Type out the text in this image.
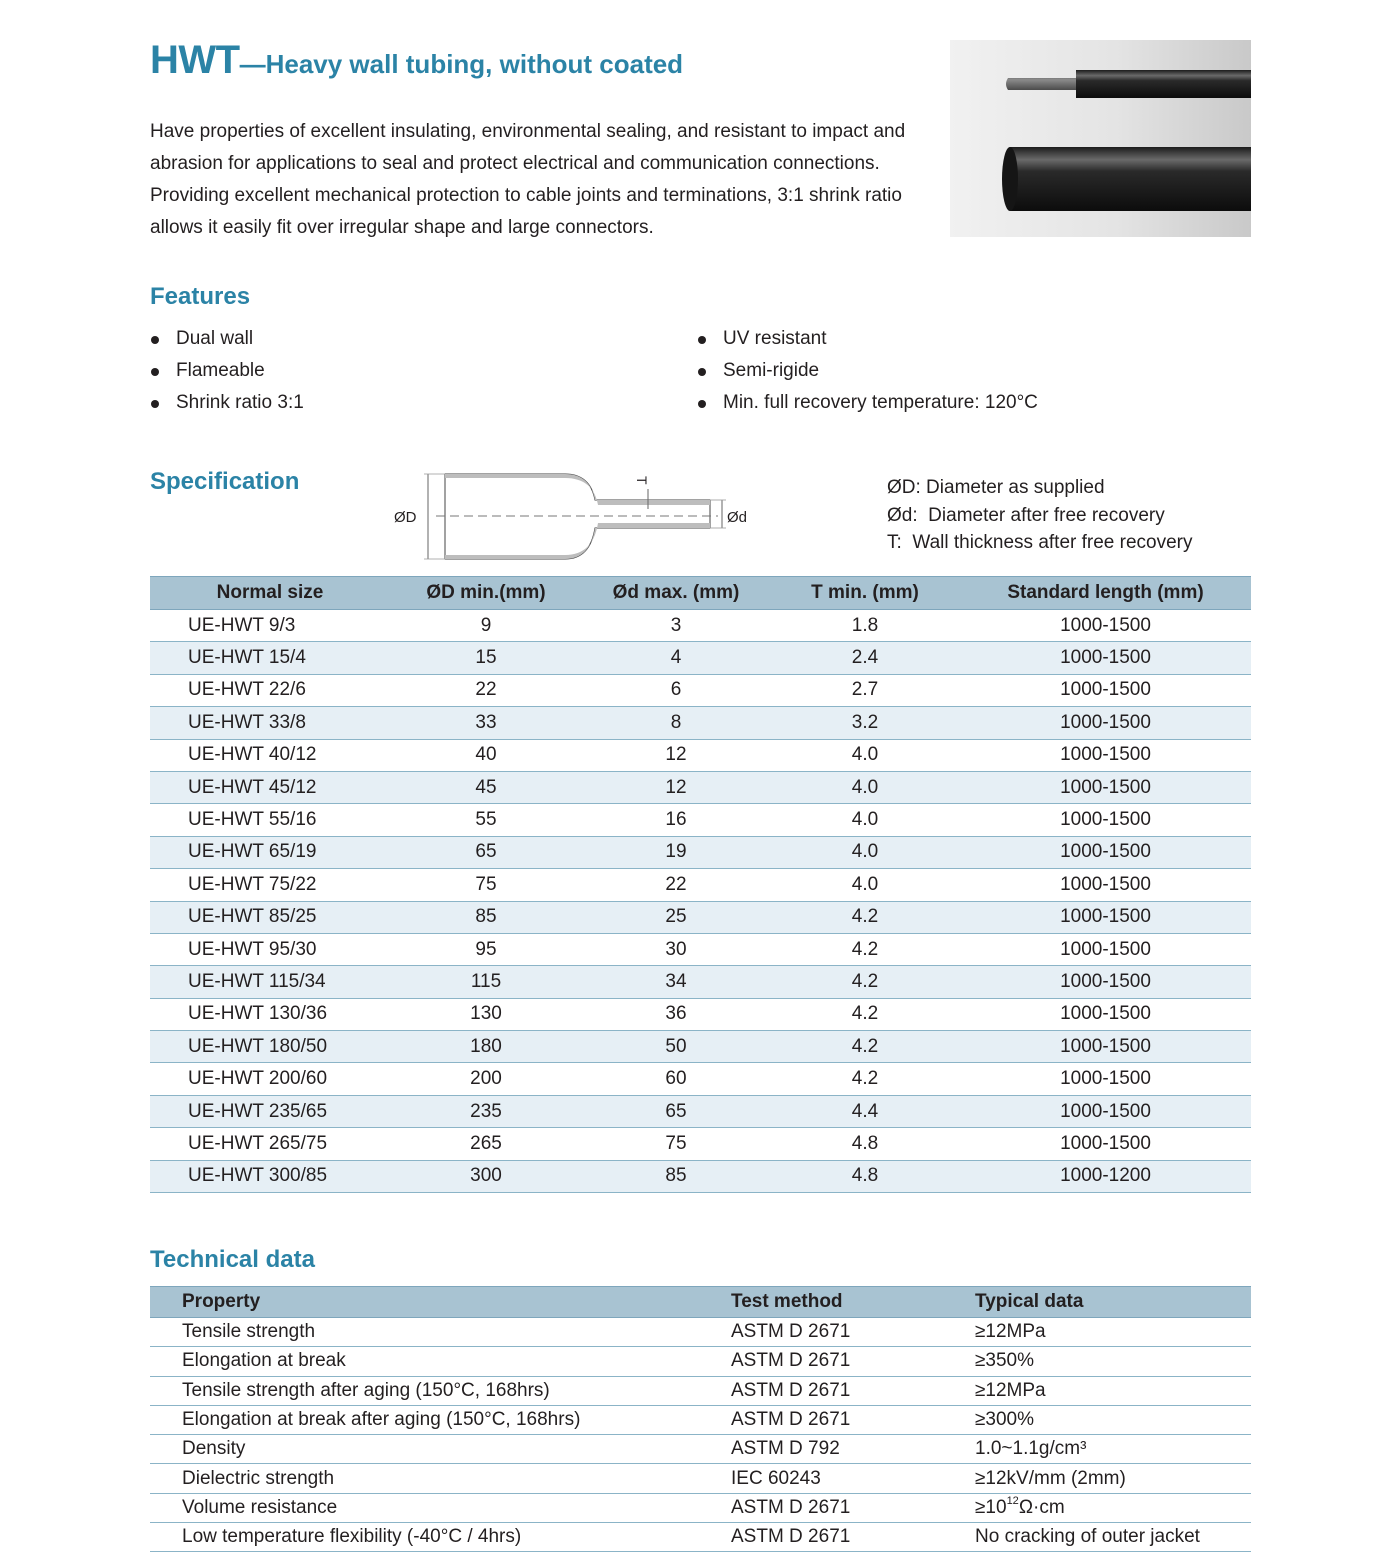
HWT—Heavy wall tubing, without coated
Have properties of excellent insulating, environmental sealing, and resistant to impact and abrasion for applications to seal and protect electrical and communication connections. Providing excellent mechanical protection to cable joints and terminations, 3:1 shrink ratio allows it easily fit over irregular shape and large connectors.
Features
Dual wall
Flameable
Shrink ratio 3:1
UV resistant
Semi-rigide
Min. full recovery temperature: 120°C
Specification
ØD	Ød
T	ØD: Diameter as supplied
Ød:  Diameter after free recovery
T:  Wall thickness after free recovery
Normal size	ØD min.(mm)	Ød max. (mm)	T min. (mm)	Standard length (mm)
UE-HWT 9/3	9	3	1.8	1000-1500
UE-HWT 15/4	15	4	2.4	1000-1500
UE-HWT 22/6	22	6	2.7	1000-1500
UE-HWT 33/8	33	8	3.2	1000-1500
UE-HWT 40/12	40	12	4.0	1000-1500
UE-HWT 45/12	45	12	4.0	1000-1500
UE-HWT 55/16	55	16	4.0	1000-1500
UE-HWT 65/19	65	19	4.0	1000-1500
UE-HWT 75/22	75	22	4.0	1000-1500
UE-HWT 85/25	85	25	4.2	1000-1500
UE-HWT 95/30	95	30	4.2	1000-1500
UE-HWT 115/34	115	34	4.2	1000-1500
UE-HWT 130/36	130	36	4.2	1000-1500
UE-HWT 180/50	180	50	4.2	1000-1500
UE-HWT 200/60	200	60	4.2	1000-1500
UE-HWT 235/65	235	65	4.4	1000-1500
UE-HWT 265/75	265	75	4.8	1000-1500
UE-HWT 300/85	300	85	4.8	1000-1200
Technical data
Property	Test method	Typical data
Tensile strength	ASTM D 2671	≥12MPa
Elongation at break	ASTM D 2671	≥350%
Tensile strength after aging (150°C, 168hrs)	ASTM D 2671	≥12MPa
Elongation at break after aging (150°C, 168hrs)	ASTM D 2671	≥300%
Density	ASTM D 792	1.0~1.1g/cm³
Dielectric strength	IEC 60243	≥12kV/mm (2mm)
Volume resistance	ASTM D 2671	$\ge 10^{12}\Omega\cdot cm$
Low temperature flexibility (-40°C / 4hrs)	ASTM D 2671	No cracking of outer jacket
